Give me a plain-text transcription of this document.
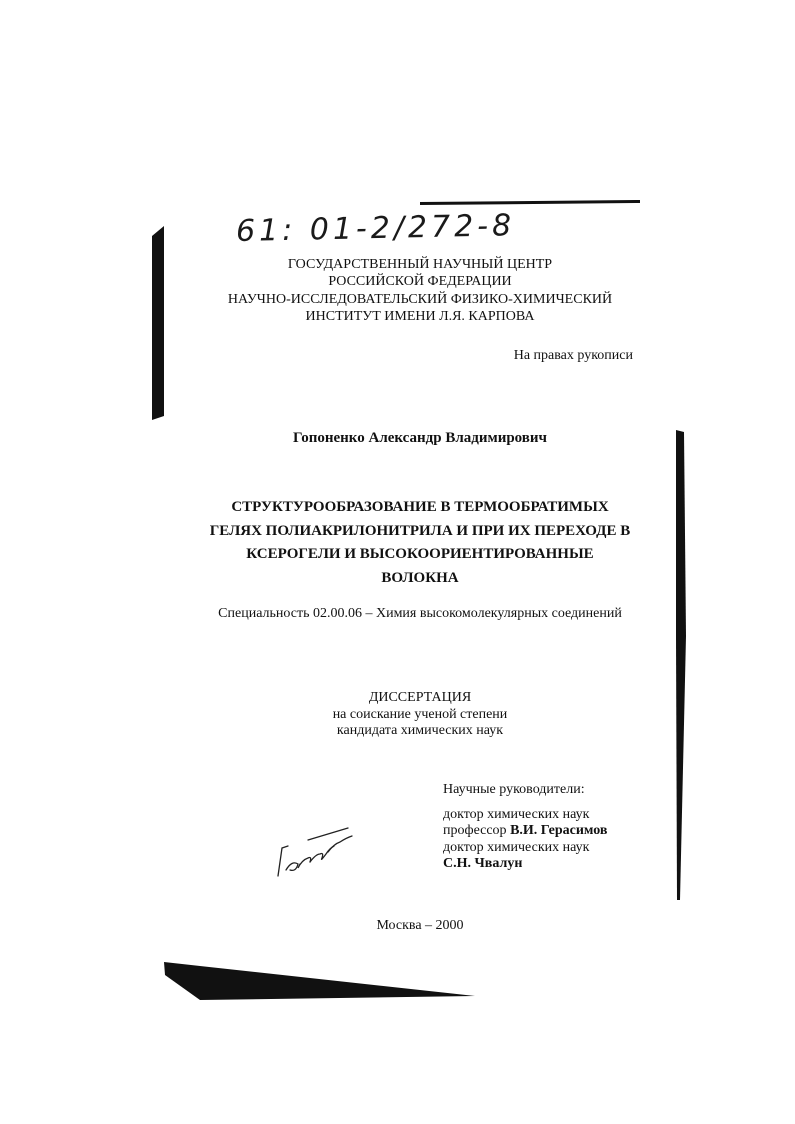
61: 01-2/272-8
ГОСУДАРСТВЕННЫЙ НАУЧНЫЙ ЦЕНТР
РОССИЙСКОЙ ФЕДЕРАЦИИ
НАУЧНО-ИССЛЕДОВАТЕЛЬСКИЙ ФИЗИКО-ХИМИЧЕСКИЙ
ИНСТИТУТ ИМЕНИ Л.Я. КАРПОВА
На правах рукописи
Гопоненко Александр Владимирович
СТРУКТУРООБРАЗОВАНИЕ В ТЕРМООБРАТИМЫХ
ГЕЛЯХ ПОЛИАКРИЛОНИТРИЛА И ПРИ ИХ ПЕРЕХОДЕ В
КСЕРОГЕЛИ И ВЫСОКООРИЕНТИРОВАННЫЕ
ВОЛОКНА
Специальность 02.00.06 – Химия высокомолекулярных соединений
ДИССЕРТАЦИЯ
на соискание ученой степени
кандидата химических наук
Научные руководители:
доктор химических наук
профессор В.И. Герасимов
доктор химических наук
С.Н. Чвалун
Москва – 2000
